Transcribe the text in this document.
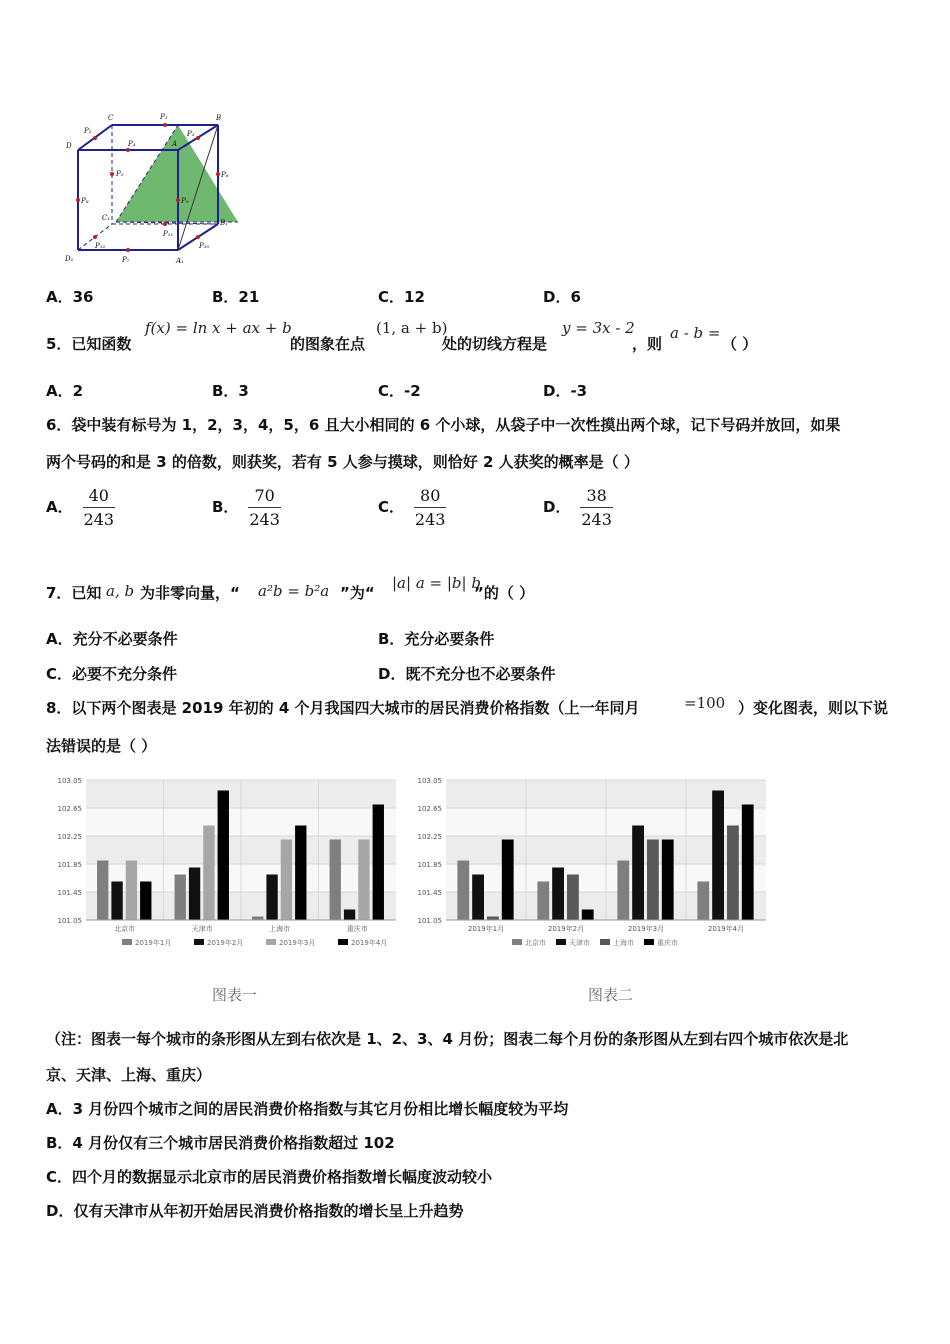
C	P₁	B
P₂
D	A
P₃
P₄
P₅	P₆
P₇
P₈	P₉
P₁₀
P₁₁
P₁₂
C₁
B₁
D₁	A₁
A．36	B．21	C．12	D．6
5．已知函数
f(x) = ln x + ax + b
的图象在点
(1, a + b)
处的切线方程是
y = 3x - 2
，则
a - b =
（ ）
A．2	B．3	C．-2	D．-3
6．袋中装有标号为 1，2，3，4，5，6 且大小相同的 6 个小球，从袋子中一次性摸出两个球，记下号码并放回，如果
两个号码的和是 3 的倍数，则获奖，若有 5 人参与摸球，则恰好 2 人获奖的概率是（ ）
A． $\frac{40}{243}$	B． $\frac{70}{243}$	C． $\frac{80}{243}$	D． $\frac{38}{243}$
7．已知 a, b 为非零向量，“ a²b = b²a ”为“
|a| a = |b| b
”的（ ）
A．充分不必要条件	B．充分必要条件
C．必要不充分条件	D．既不充分也不必要条件
8．以下两个图表是 2019 年初的 4 个月我国四大城市的居民消费价格指数（上一年同月	=100 ）变化图表，则以下说
法错误的是（ ）
101.05
101.45
101.85
102.25
102.65
103.05
北京市	天津市	上海市	重庆市
2019年1月	2019年2月	2019年3月	2019年4月
101.05
101.45
101.85
102.25
102.65
103.05
2019年1月	2019年2月	2019年3月	2019年4月
北京市	天津市	上海市	重庆市
图表一	图表二
（注：图表一每个城市的条形图从左到右依次是 1、2、3、4 月份；图表二每个月份的条形图从左到右四个城市依次是北
京、天津、上海、重庆）
A．3 月份四个城市之间的居民消费价格指数与其它月份相比增长幅度较为平均
B．4 月份仅有三个城市居民消费价格指数超过 102
C．四个月的数据显示北京市的居民消费价格指数增长幅度波动较小
D．仅有天津市从年初开始居民消费价格指数的增长呈上升趋势
